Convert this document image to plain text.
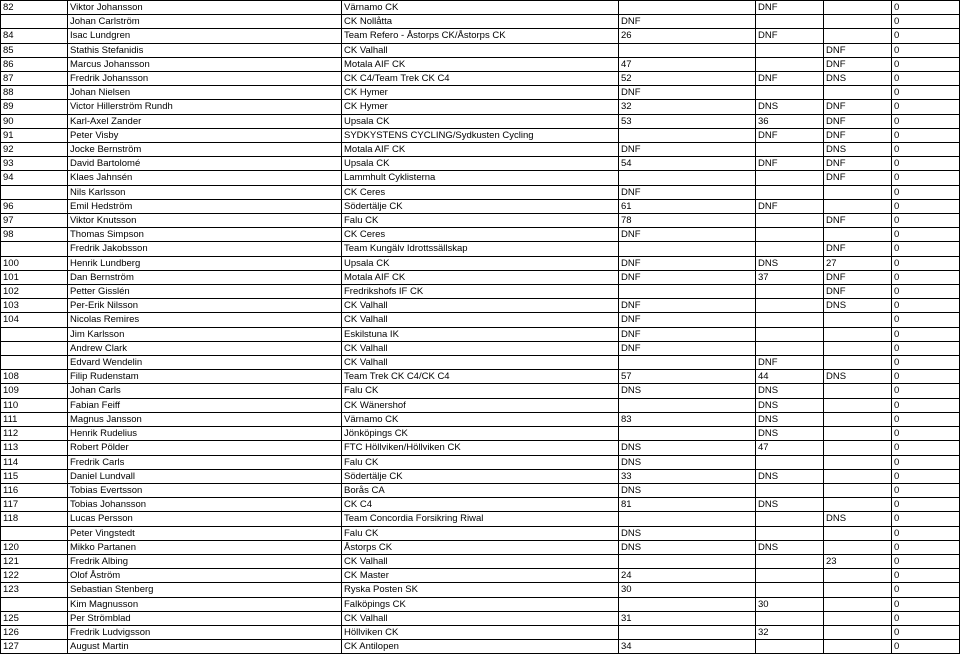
82	Viktor Johansson	Värnamo CK		DNF		0
	Johan Carlström	CK Nollåtta	DNF			0
84	Isac Lundgren	Team Refero - Åstorps CK/Åstorps CK	26	DNF		0
85	Stathis Stefanidis	CK Valhall			DNF	0
86	Marcus Johansson	Motala AIF CK	47		DNF	0
87	Fredrik Johansson	CK C4/Team Trek CK C4	52	DNF	DNS	0
88	Johan Nielsen	CK Hymer	DNF			0
89	Victor Hillerström Rundh	CK Hymer	32	DNS	DNF	0
90	Karl-Axel Zander	Upsala CK	53	36	DNF	0
91	Peter Visby	SYDKYSTENS CYCLING/Sydkusten Cycling		DNF	DNF	0
92	Jocke Bernström	Motala AIF CK	DNF		DNS	0
93	David Bartolomé	Upsala CK	54	DNF	DNF	0
94	Klaes Jahnsén	Lammhult Cyklisterna			DNF	0
	Nils Karlsson	CK Ceres	DNF			0
96	Emil Hedström	Södertälje CK	61	DNF		0
97	Viktor Knutsson	Falu CK	78		DNF	0
98	Thomas Simpson	CK Ceres	DNF			0
	Fredrik Jakobsson	Team Kungälv Idrottssällskap			DNF	0
100	Henrik Lundberg	Upsala CK	DNF	DNS	27	0
101	Dan Bernström	Motala AIF CK	DNF	37	DNF	0
102	Petter Gisslén	Fredrikshofs IF CK			DNF	0
103	Per-Erik Nilsson	CK Valhall	DNF		DNS	0
104	Nicolas Remires	CK Valhall	DNF			0
	Jim Karlsson	Eskilstuna IK	DNF			0
	Andrew Clark	CK Valhall	DNF			0
	Edvard Wendelin	CK Valhall		DNF		0
108	Filip Rudenstam	Team Trek CK C4/CK C4	57	44	DNS	0
109	Johan Carls	Falu CK	DNS	DNS		0
110	Fabian Feiff	CK Wänershof		DNS		0
111	Magnus Jansson	Värnamo CK	83	DNS		0
112	Henrik Rudelius	Jönköpings CK		DNS		0
113	Robert Pölder	FTC Höllviken/Höllviken CK	DNS	47		0
114	Fredrik Carls	Falu CK	DNS			0
115	Daniel Lundvall	Södertälje CK	33	DNS		0
116	Tobias Evertsson	Borås CA	DNS			0
117	Tobias Johansson	CK C4	81	DNS		0
118	Lucas Persson	Team Concordia Forsikring Riwal			DNS	0
	Peter Vingstedt	Falu CK	DNS			0
120	Mikko Partanen	Åstorps CK	DNS	DNS		0
121	Fredrik Albing	CK Valhall			23	0
122	Olof Åström	CK Master	24			0
123	Sebastian Stenberg	Ryska Posten SK	30			0
	Kim Magnusson	Falköpings CK		30		0
125	Per Strömblad	CK Valhall	31			0
126	Fredrik Ludvigsson	Höllviken CK		32		0
127	August Martin	CK Antilopen	34			0
